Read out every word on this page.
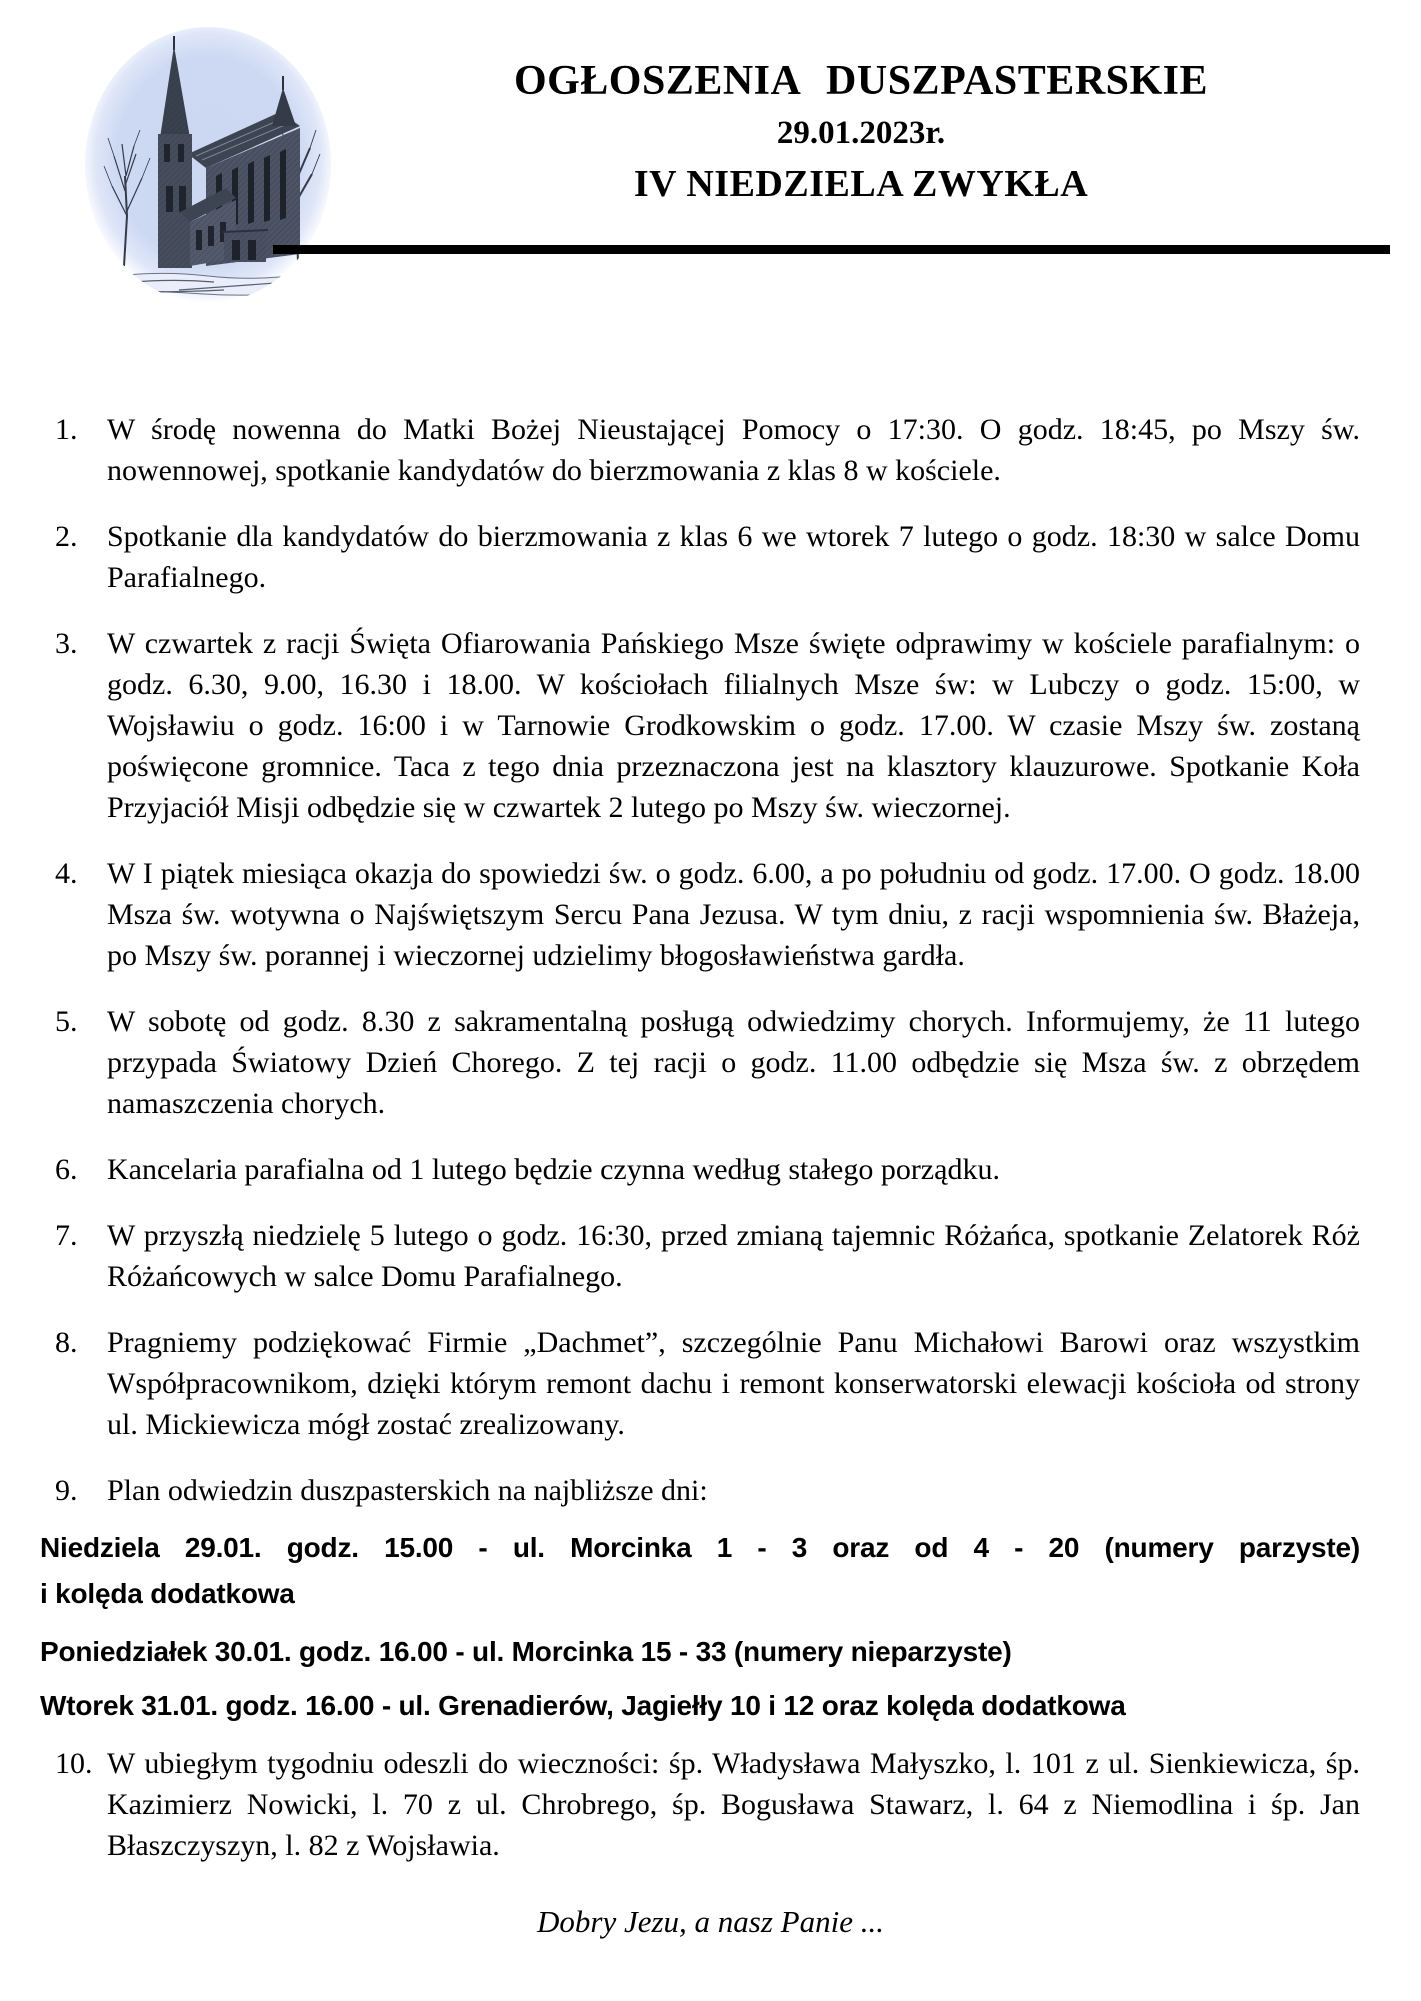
OGŁOSZENIA DUSZPASTERSKIE
29.01.2023r.
IV NIEDZIELA ZWYKŁA
1. W środę nowenna do Matki Bożej Nieustającej Pomocy o 17:30. O godz. 18:45, po Mszy św. nowennowej, spotkanie kandydatów do bierzmowania z klas 8 w kościele.
2. Spotkanie dla kandydatów do bierzmowania z klas 6 we wtorek 7 lutego o godz. 18:30 w salce Domu Parafialnego.
3. W czwartek z racji Święta Ofiarowania Pańskiego Msze święte odprawimy w kościele parafialnym: o godz. 6.30, 9.00, 16.30 i 18.00. W kościołach filialnych Msze św: w Lubczy o godz. 15:00, w Wojsławiu o godz. 16:00 i w Tarnowie Grodkowskim o godz. 17.00. W czasie Mszy św. zostaną poświęcone gromnice. Taca z tego dnia przeznaczona jest na klasztory klauzurowe. Spotkanie Koła Przyjaciół Misji odbędzie się w czwartek 2 lutego po Mszy św. wieczornej.
4. W I piątek miesiąca okazja do spowiedzi św. o godz. 6.00, a po południu od godz. 17.00. O godz. 18.00 Msza św. wotywna o Najświętszym Sercu Pana Jezusa. W tym dniu, z racji wspomnienia św. Błażeja, po Mszy św. porannej i wieczornej udzielimy błogosławieństwa gardła.
5. W sobotę od godz. 8.30 z sakramentalną posługą odwiedzimy chorych. Informujemy, że 11 lutego przypada Światowy Dzień Chorego. Z tej racji o godz. 11.00 odbędzie się Msza św. z obrzędem namaszczenia chorych.
6. Kancelaria parafialna od 1 lutego będzie czynna według stałego porządku.
7. W przyszłą niedzielę 5 lutego o godz. 16:30, przed zmianą tajemnic Różańca, spotkanie Zelatorek Róż Różańcowych w salce Domu Parafialnego.
8. Pragniemy podziękować Firmie „Dachmet”, szczególnie Panu Michałowi Barowi oraz wszystkim Współpracownikom, dzięki którym remont dachu i remont konserwatorski elewacji kościoła od strony ul. Mickiewicza mógł zostać zrealizowany.
9. Plan odwiedzin duszpasterskich na najbliższe dni:
Niedziela 29.01. godz. 15.00 - ul. Morcinka 1 - 3 oraz od 4 - 20 (numery parzyste)
i kolęda dodatkowa
Poniedziałek 30.01. godz. 16.00 - ul. Morcinka 15 - 33 (numery nieparzyste)
Wtorek 31.01. godz. 16.00 - ul. Grenadierów, Jagiełły 10 i 12 oraz kolęda dodatkowa
10. W ubiegłym tygodniu odeszli do wieczności: śp. Władysława Małyszko, l. 101 z ul. Sienkiewicza, śp. Kazimierz Nowicki, l. 70 z ul. Chrobrego, śp. Bogusława Stawarz, l. 64 z Niemodlina i śp. Jan Błaszczyszyn, l. 82 z Wojsławia.
Dobry Jezu, a nasz Panie ...
